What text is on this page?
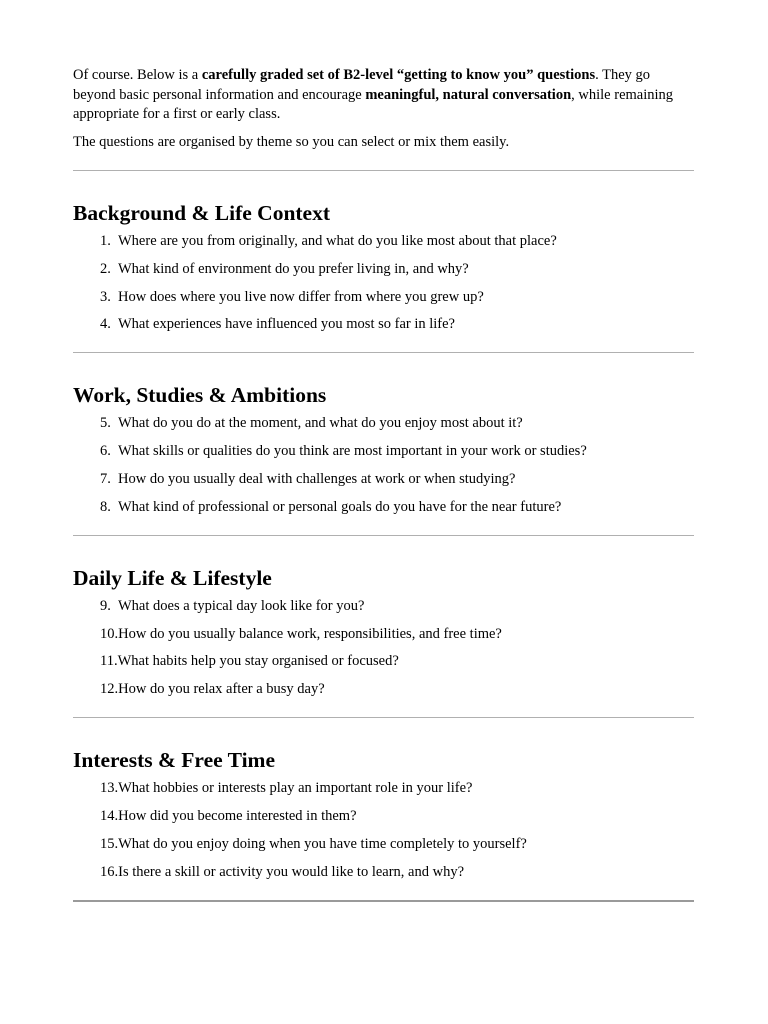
Of course. Below is a carefully graded set of B2-level “getting to know you” questions. They go beyond basic personal information and encourage meaningful, natural conversation, while remaining appropriate for a first or early class.

The questions are organised by theme so you can select or mix them easily.

Background & Life Context
1. Where are you from originally, and what do you like most about that place?
2. What kind of environment do you prefer living in, and why?
3. How does where you live now differ from where you grew up?
4. What experiences have influenced you most so far in life?
Work, Studies & Ambitions
5. What do you do at the moment, and what do you enjoy most about it?
6. What skills or qualities do you think are most important in your work or studies?
7. How do you usually deal with challenges at work or when studying?
8. What kind of professional or personal goals do you have for the near future?
Daily Life & Lifestyle
9. What does a typical day look like for you?
10. How do you usually balance work, responsibilities, and free time?
11. What habits help you stay organised or focused?
12. How do you relax after a busy day?
Interests & Free Time
13. What hobbies or interests play an important role in your life?
14. How did you become interested in them?
15. What do you enjoy doing when you have time completely to yourself?
16. Is there a skill or activity you would like to learn, and why?
